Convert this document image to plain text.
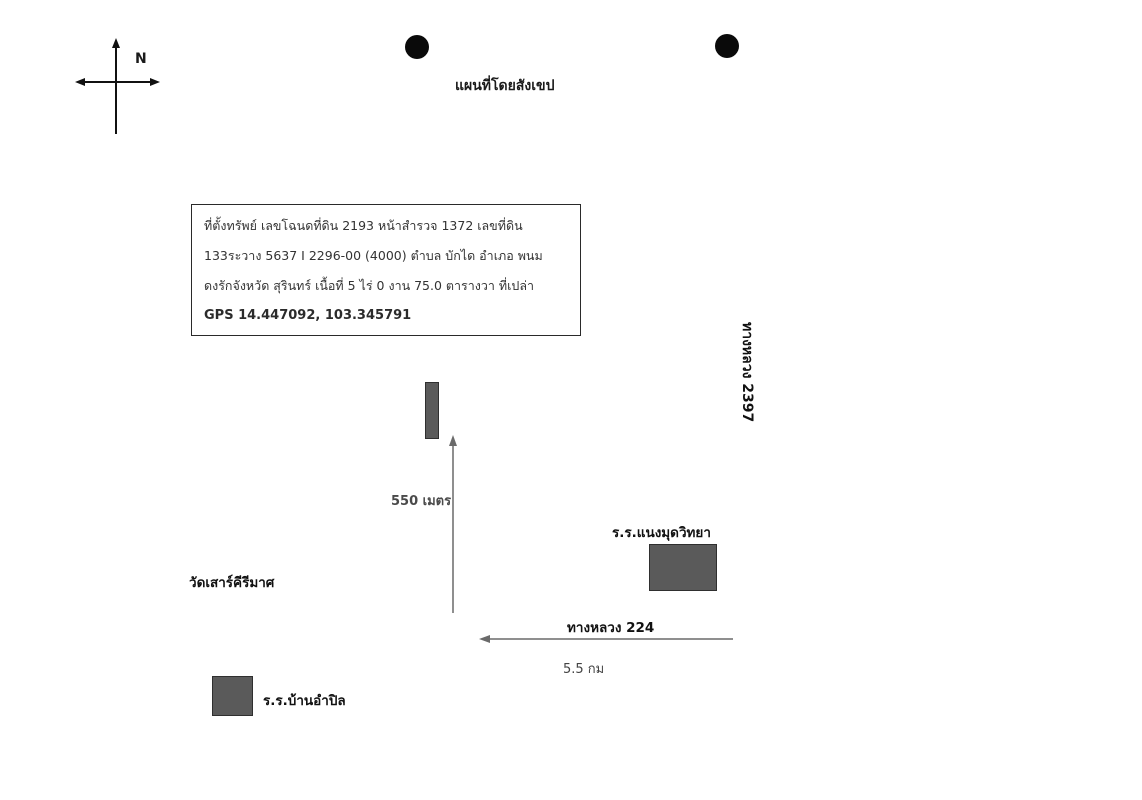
N
แผนที่โดยสังเขป
ที่ตั้งทรัพย์ เลขโฉนดที่ดิน 2193 หน้าสำรวจ 1372 เลขที่ดิน
133ระวาง 5637 I 2296-00 (4000) ตำบล บักได อำเภอ พนม
ดงรักจังหวัด สุรินทร์ เนื้อที่ 5 ไร่ 0 งาน 75.0 ตารางวา ที่เปล่า
GPS 14.447092, 103.345791
ทางหลวง 2397
550 เมตร
ร.ร.แนงมุดวิทยา
วัดเสาร์คีรีมาศ
ทางหลวง 224
5.5 กม
ร.ร.บ้านอำปิล
